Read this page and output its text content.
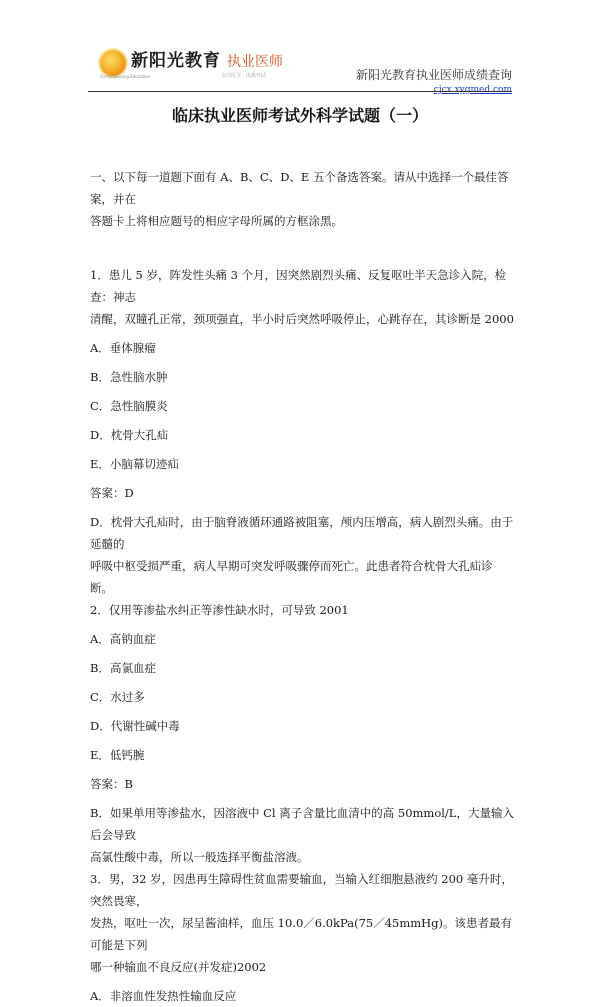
新阳光教育 执业医师
专注医卫 · 决战考试
XinYangGuang Education	新阳光教育执业医师成绩查询
cjcx.xygmed.com
临床执业医师考试外科学试题（一）

一、以下每一道题下面有 A、B、C、D、E 五个备选答案。请从中选择一个最佳答案，并在

答题卡上将相应题号的相应字母所属的方框涂黑。

1．患儿 5 岁，阵发性头痛 3 个月，因突然剧烈头痛、反复呕吐半天急诊入院，检查：神志

清醒，双瞳孔正常，颈项强直，半小时后突然呼吸停止，心跳存在，其诊断是 2000

A．垂体腺瘤

B．急性脑水肿

C．急性脑膜炎

D．枕骨大孔疝

E．小脑幕切迹疝

答案：D

D．枕骨大孔疝时，由于脑脊液循环通路被阻塞，颅内压增高，病人剧烈头痛。由于延髓的

呼吸中枢受损严重，病人早期可突发呼吸骤停而死亡。此患者符合枕骨大孔疝诊断。

2．仅用等渗盐水纠正等渗性缺水时，可导致 2001

A．高钠血症

B．高氯血症

C．水过多

D．代谢性碱中毒

E．低钙腕

答案：B

B．如果单用等渗盐水，因溶液中 Cl 离子含量比血清中的高 50mmol/L，大量输入后会导致

高氯性酸中毒，所以一般选择平衡盐溶液。

3．男，32 岁，因患再生障碍性贫血需要输血，当输入红细胞悬液约 200 毫升时，突然畏寒，

发热，呕吐一次，尿呈酱油样，血压 10.0／6.0kPa(75／45mmHg)。该患者最有可能是下列

哪一种输血不良反应(并发症)2002

A．非溶血性发热性输血反应
